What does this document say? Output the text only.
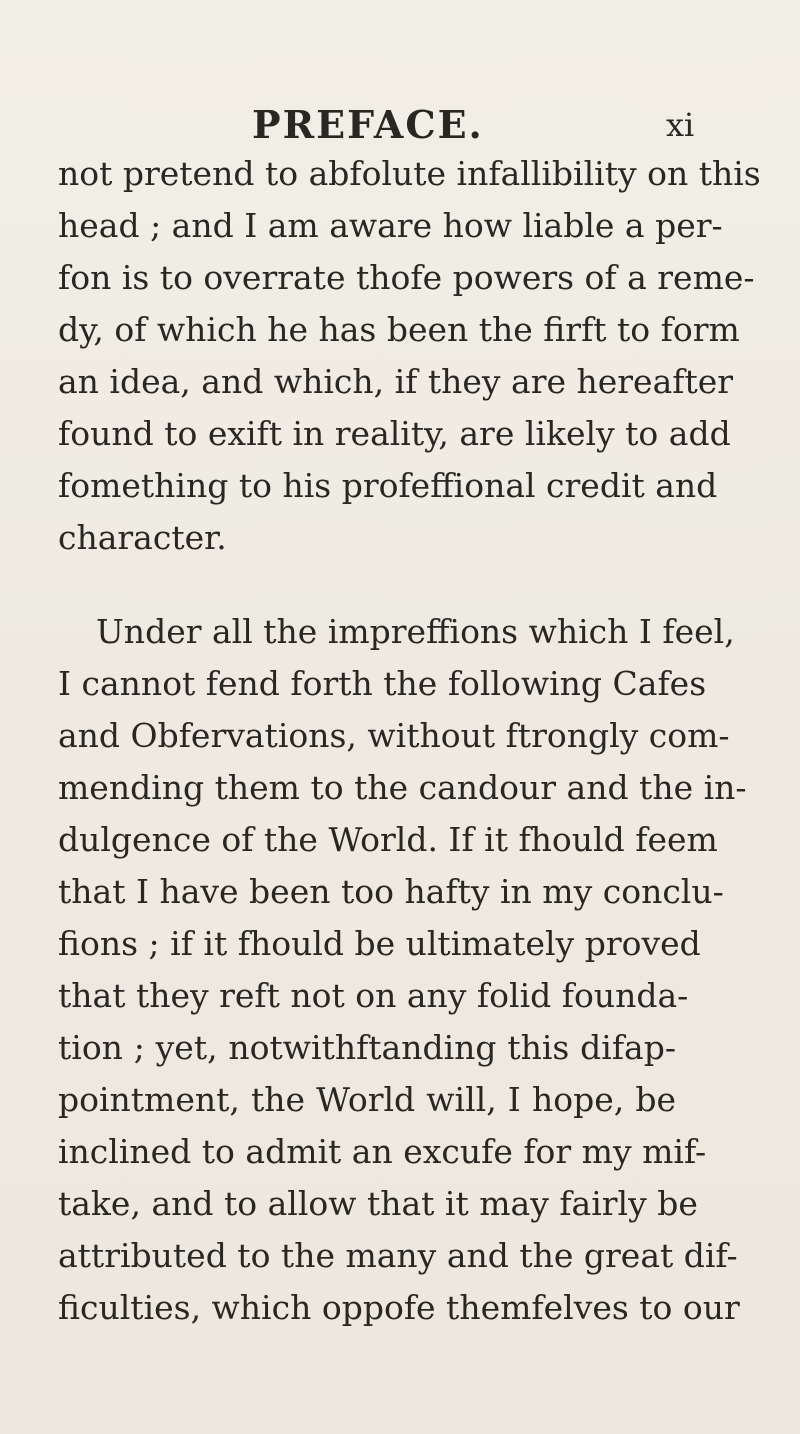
PREFACE.	xi
not pretend to abfolute infallibility on this
head ; and I am aware how liable a per-
fon is to overrate thofe powers of a reme-
dy, of which he has been the firft to form
an idea, and which, if they are hereafter
found to exift in reality, are likely to add
fomething to his profeffional credit and
character.
Under all the impreffions which I feel,
I cannot fend forth the following Cafes
and Obfervations, without ftrongly com-
mending them to the candour and the in-
dulgence of the World. If it fhould feem
that I have been too hafty in my conclu-
fions ; if it fhould be ultimately proved
that they reft not on any folid founda-
tion ; yet, notwithftanding this difap-
pointment, the World will, I hope, be
inclined to admit an excufe for my mif-
take, and to allow that it may fairly be
attributed to the many and the great dif-
ficulties, which oppofe themfelves to our
